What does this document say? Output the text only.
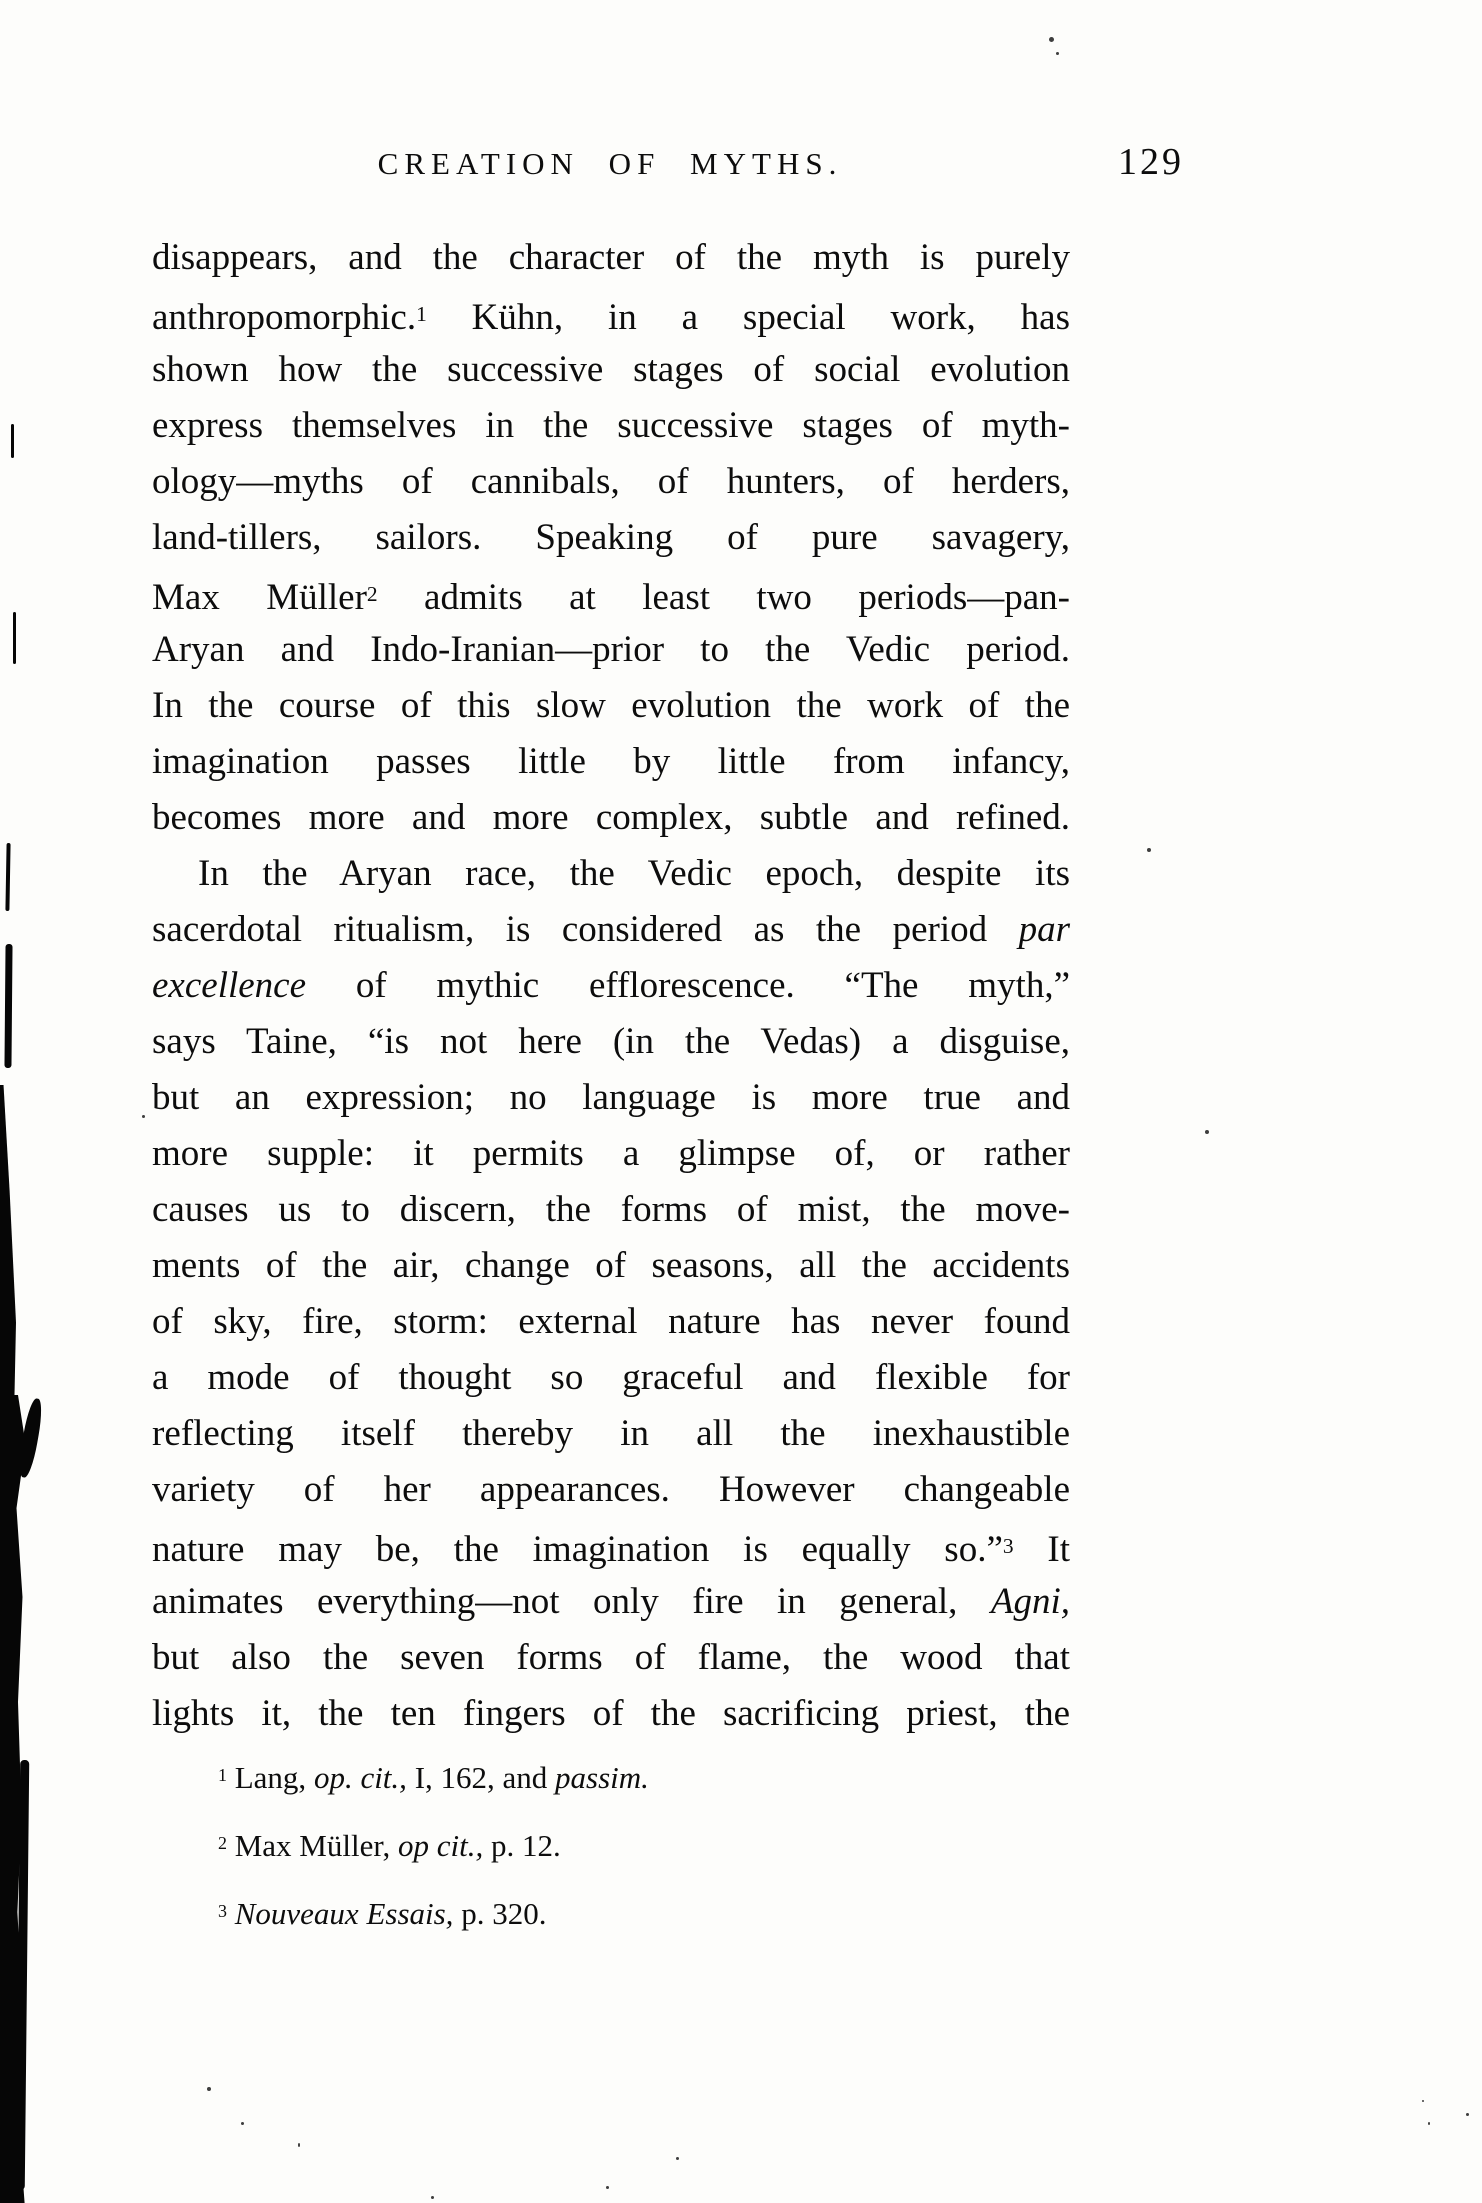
CREATION OF MYTHS.	129
disappears, and the character of the myth is purely
anthropomorphic.$^1$ Kühn, in a special work, has
shown how the successive stages of social evolution
express themselves in the successive stages of myth-
ology—myths of cannibals, of hunters, of herders,
land-tillers, sailors. Speaking of pure savagery,
Max Müller$^2$ admits at least two periods—pan-
Aryan and Indo-Iranian—prior to the Vedic period.
In the course of this slow evolution the work of the
imagination passes little by little from infancy,
becomes more and more complex, subtle and refined.
In the Aryan race, the Vedic epoch, despite its
sacerdotal ritualism, is considered as the period par
excellence of mythic efflorescence. “The myth,”
says Taine, “is not here (in the Vedas) a disguise,
but an expression; no language is more true and
more supple: it permits a glimpse of, or rather
causes us to discern, the forms of mist, the move-
ments of the air, change of seasons, all the accidents
of sky, fire, storm: external nature has never found
a mode of thought so graceful and flexible for
reflecting itself thereby in all the inexhaustible
variety of her appearances. However changeable
nature may be, the imagination is equally so.”$^3$ It
animates everything—not only fire in general, Agni,
but also the seven forms of flame, the wood that
lights it, the ten fingers of the sacrificing priest, the
$^1$ Lang, op. cit., I, 162, and passim.
$^2$ Max Müller, op cit., p. 12.
$^3$ Nouveaux Essais, p. 320.
